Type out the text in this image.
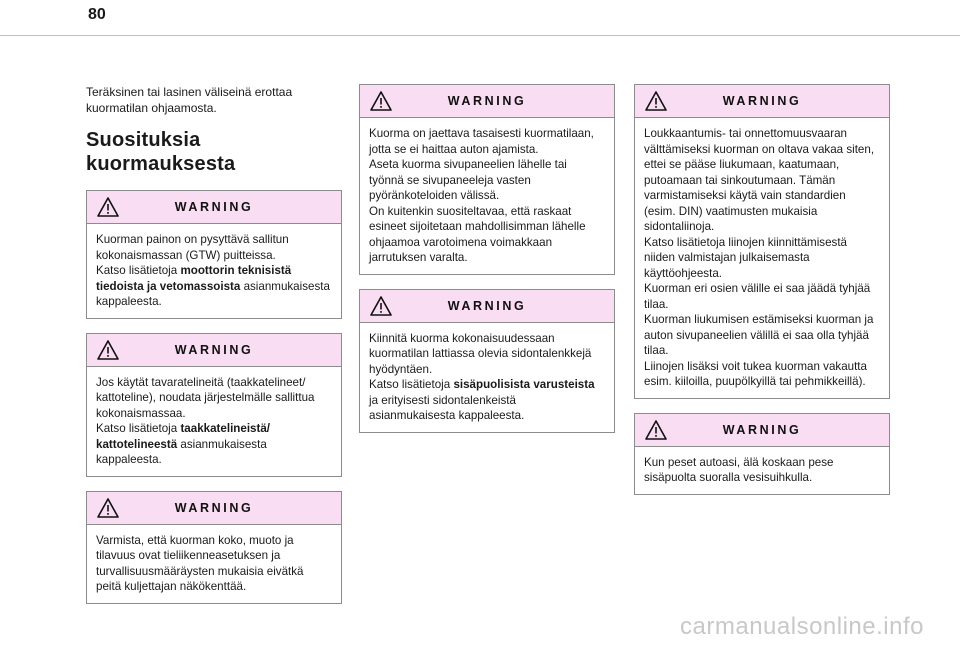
80

Teräksinen tai lasinen väliseinä erottaa kuormatilan ohjaamosta.

Suosituksia kuormauksesta
WARNING

Kuorman painon on pysyttävä sallitun kokonaismassan (GTW) puitteissa.

Katso lisätietoja moottorin teknisistä tiedoista ja vetomassoista asianmukaisesta kappaleesta.

WARNING

Jos käytät tavaratelineitä (taakkatelineet/ kattoteline), noudata järjestelmälle sallittua kokonaismassaa.

Katso lisätietoja taakkatelineistä/ kattotelineestä asianmukaisesta kappaleesta.

WARNING

Varmista, että kuorman koko, muoto ja tilavuus ovat tieliikenneasetuksen ja turvallisuusmääräysten mukaisia eivätkä peitä kuljettajan näkökenttää.

WARNING

Kuorma on jaettava tasaisesti kuormatilaan, jotta se ei haittaa auton ajamista.

Aseta kuorma sivupaneelien lähelle tai työnnä se sivupaneeleja vasten pyöränkoteloiden välissä.

On kuitenkin suositeltavaa, että raskaat esineet sijoitetaan mahdollisimman lähelle ohjaamoa varotoimena voimakkaan jarrutuksen varalta.

WARNING

Kiinnitä kuorma kokonaisuudessaan kuormatilan lattiassa olevia sidontalenkkejä hyödyntäen.

Katso lisätietoja sisäpuolisista varusteista ja erityisesti sidontalenkeistä asianmukaisesta kappaleesta.

WARNING

Loukkaantumis- tai onnettomuusvaaran välttämiseksi kuorman on oltava vakaa siten, ettei se pääse liukumaan, kaatumaan, putoamaan tai sinkoutumaan. Tämän varmistamiseksi käytä vain standardien (esim. DIN) vaatimusten mukaisia sidontaliinoja.

Katso lisätietoja liinojen kiinnittämisestä niiden valmistajan julkaisemasta käyttöohjeesta.

Kuorman eri osien välille ei saa jäädä tyhjää tilaa.

Kuorman liukumisen estämiseksi kuorman ja auton sivupaneelien välillä ei saa olla tyhjää tilaa.

Liinojen lisäksi voit tukea kuorman vakautta esim. kiiloilla, puupölkyillä tai pehmikkeillä).

WARNING

Kun peset autoasi, älä koskaan pese sisäpuolta suoralla vesisuihkulla.

carmanualsonline.info
